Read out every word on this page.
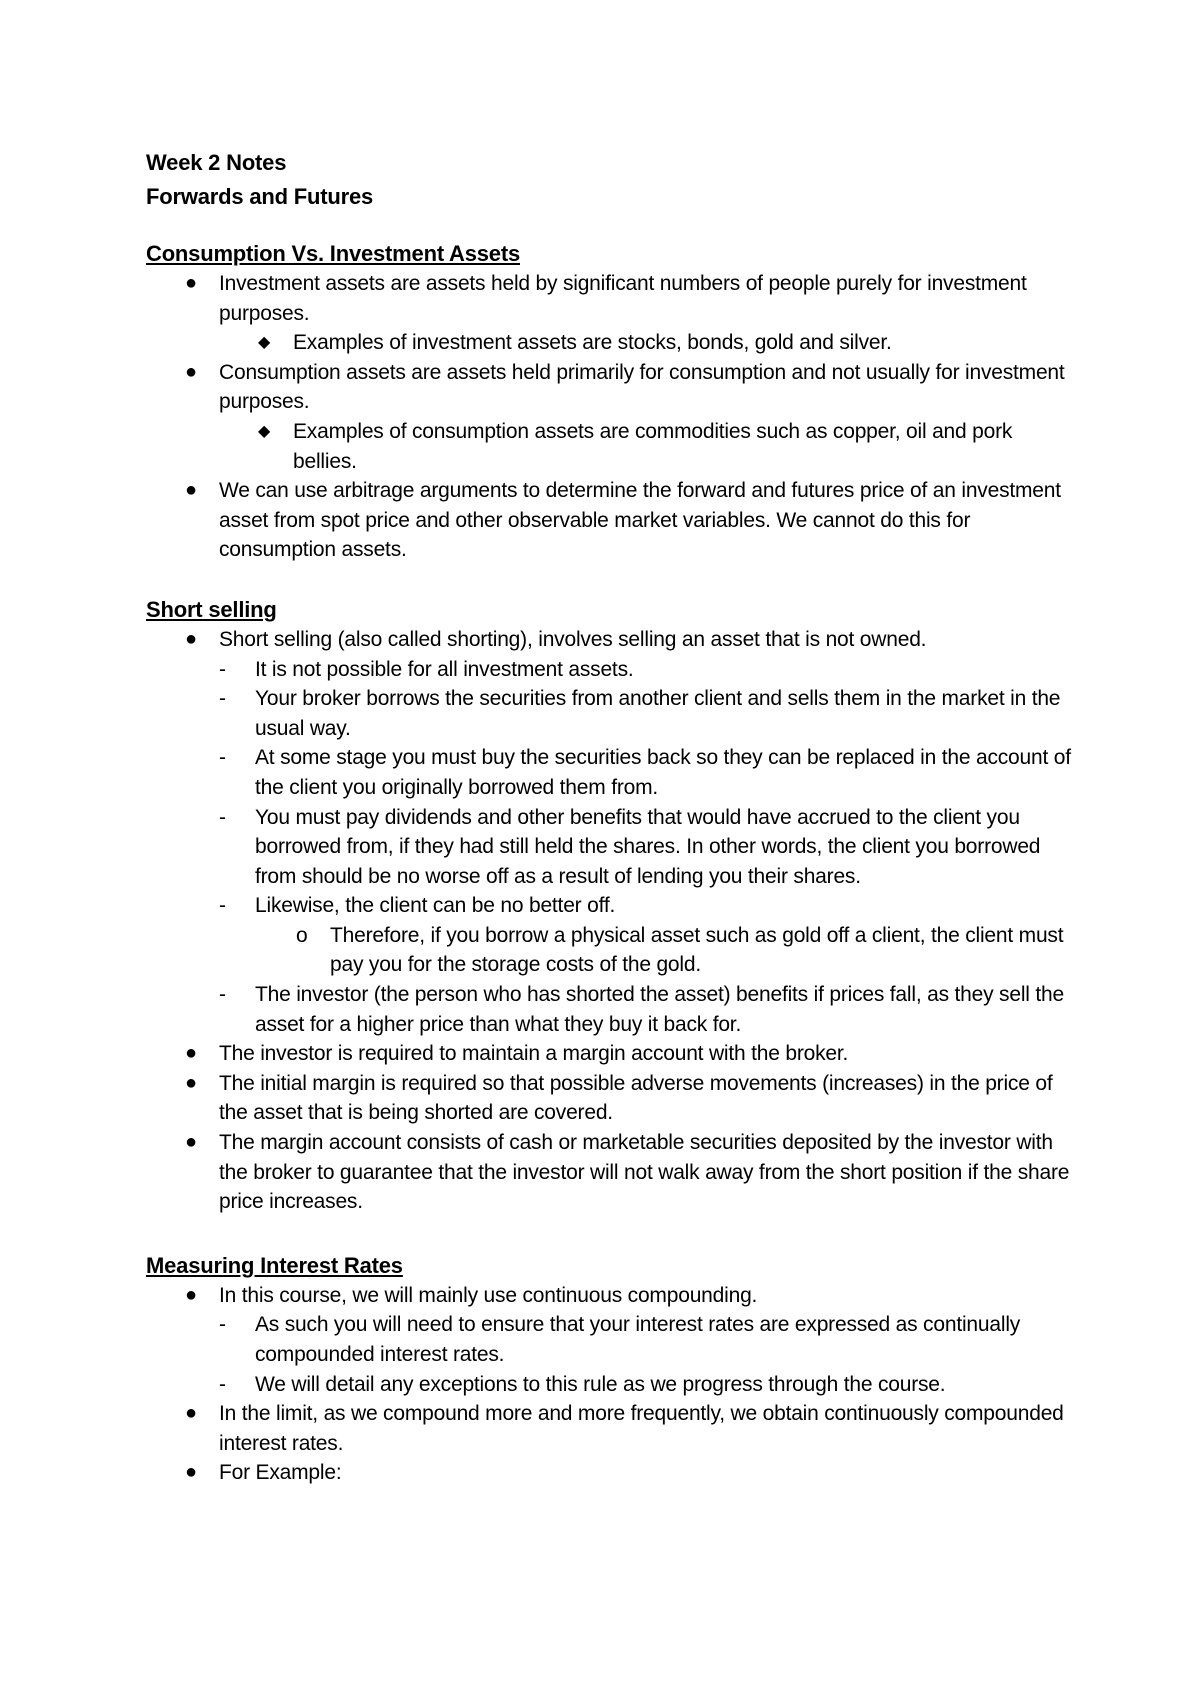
Week 2 Notes

Forwards and Futures

Consumption Vs. Investment Assets

● Investment assets are assets held by significant numbers of people purely for investment purposes.
◆ Examples of investment assets are stocks, bonds, gold and silver.
● Consumption assets are assets held primarily for consumption and not usually for investment purposes.
◆ Examples of consumption assets are commodities such as copper, oil and pork bellies.
● We can use arbitrage arguments to determine the forward and futures price of an investment asset from spot price and other observable market variables. We cannot do this for consumption assets.

Short selling

● Short selling (also called shorting), involves selling an asset that is not owned.
- It is not possible for all investment assets.
- Your broker borrows the securities from another client and sells them in the market in the usual way.
- At some stage you must buy the securities back so they can be replaced in the account of the client you originally borrowed them from.
- You must pay dividends and other benefits that would have accrued to the client you borrowed from, if they had still held the shares. In other words, the client you borrowed from should be no worse off as a result of lending you their shares.
- Likewise, the client can be no better off.
o Therefore, if you borrow a physical asset such as gold off a client, the client must pay you for the storage costs of the gold.
- The investor (the person who has shorted the asset) benefits if prices fall, as they sell the asset for a higher price than what they buy it back for.
● The investor is required to maintain a margin account with the broker.
● The initial margin is required so that possible adverse movements (increases) in the price of the asset that is being shorted are covered.
● The margin account consists of cash or marketable securities deposited by the investor with the broker to guarantee that the investor will not walk away from the short position if the share price increases.

Measuring Interest Rates

● In this course, we will mainly use continuous compounding.
- As such you will need to ensure that your interest rates are expressed as continually compounded interest rates.
- We will detail any exceptions to this rule as we progress through the course.
● In the limit, as we compound more and more frequently, we obtain continuously compounded interest rates.
● For Example:
